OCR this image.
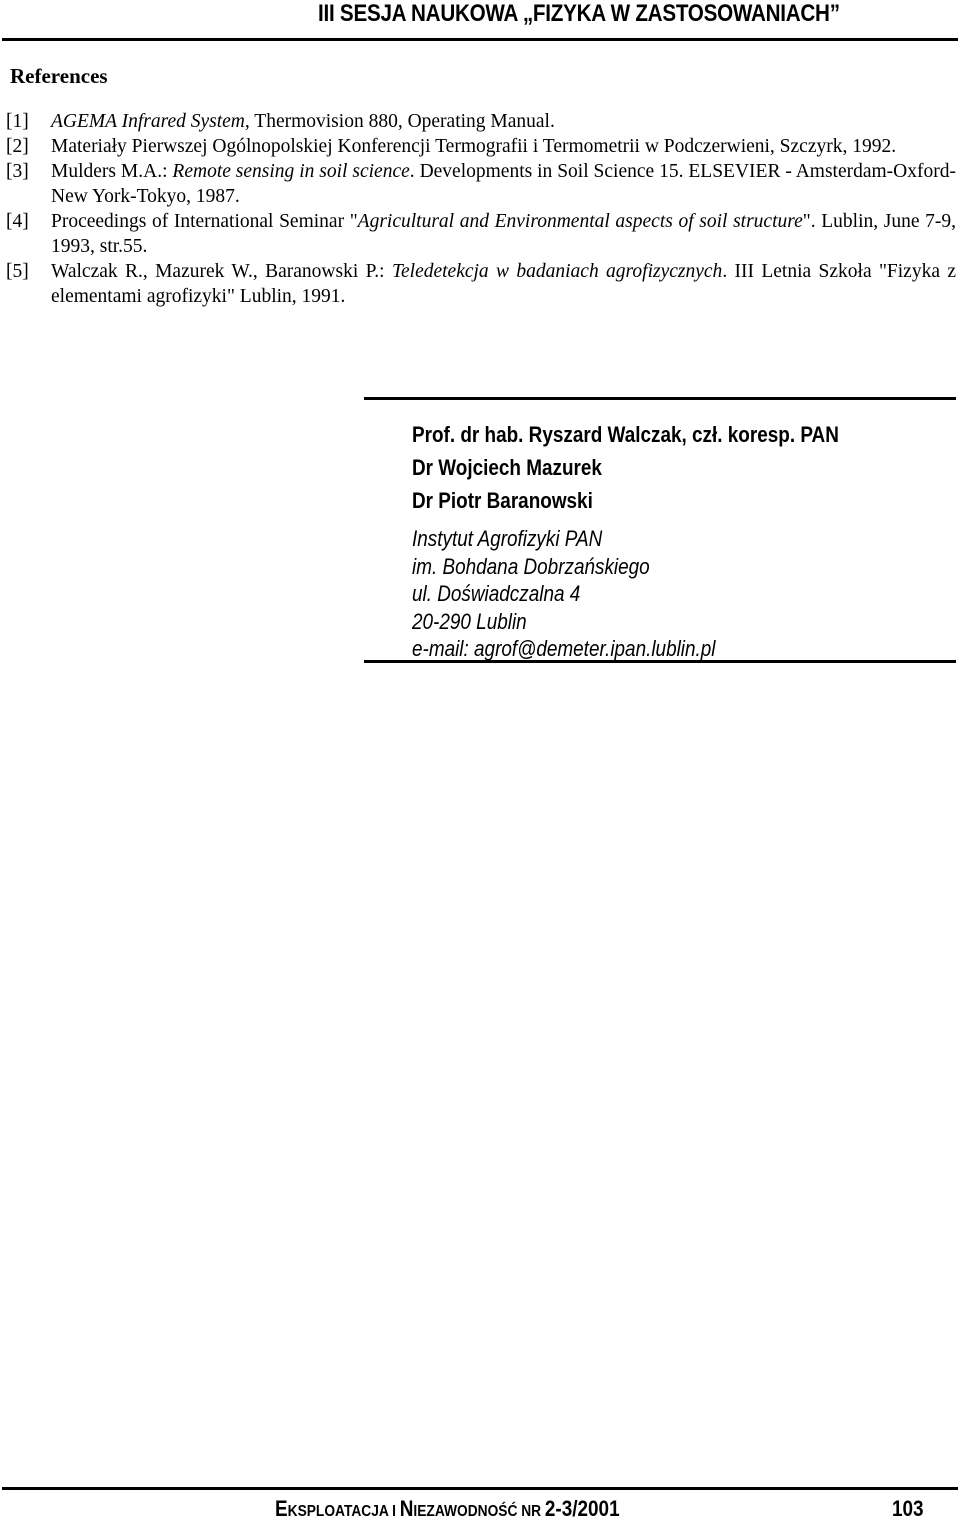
III SESJA NAUKOWA „FIZYKA W ZASTOSOWANIACH”
References
[1] AGEMA Infrared System, Thermovision 880, Operating Manual.
[2] Materiały Pierwszej Ogólnopolskiej Konferencji Termografii i Termometrii w Podczerwieni, Szczyrk, 1992.
[3] Mulders M.A.: Remote sensing in soil science. Developments in Soil Science 15. ELSEVIER - Amsterdam-Oxford-New York-Tokyo, 1987.
[4] Proceedings of International Seminar "Agricultural and Environmental aspects of soil structure". Lublin, June 7-9, 1993, str.55.
[5] Walczak R., Mazurek W., Baranowski P.: Teledetekcja w badaniach agrofizycznych. III Letnia Szkoła "Fizyka z elementami agrofizyki" Lublin, 1991.
Prof. dr hab. Ryszard Walczak, czł. koresp. PAN
Dr Wojciech Mazurek
Dr Piotr Baranowski
Instytut Agrofizyki PAN
im. Bohdana Dobrzańskiego
ul. Doświadczalna 4
20-290 Lublin
e-mail: agrof@demeter.ipan.lublin.pl
EKSPLOATACJA I NIEZAWODNOŚĆ NR 2-3/2001	103
